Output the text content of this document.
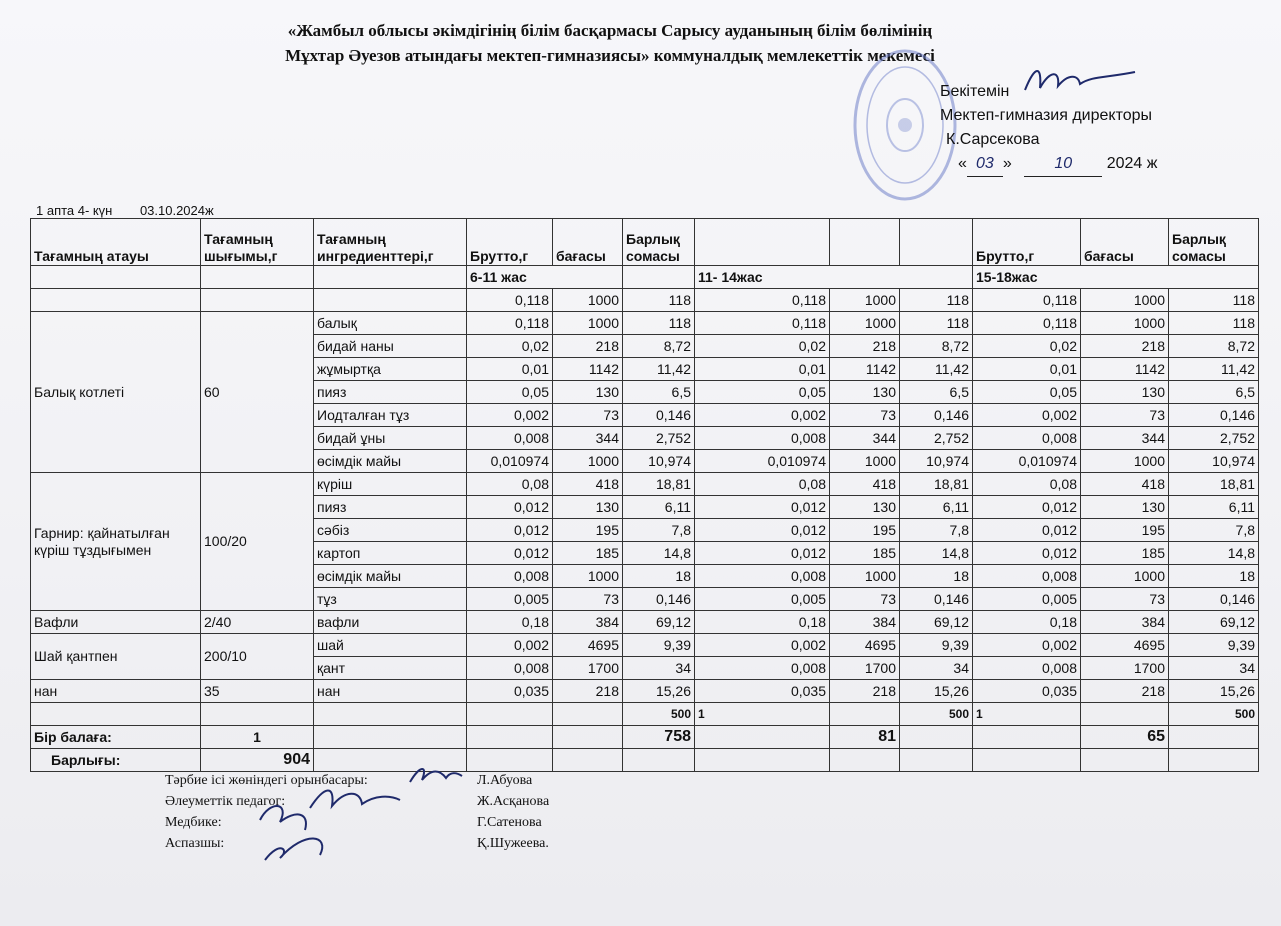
«Жамбыл облысы әкімдігінің білім басқармасы Сарысу ауданының білім бөлімінің
Мұхтар Әуезов атындағы мектеп-гимназиясы» коммуналдық мемлекеттік мекемесі
Бекітемін
Мектеп-гимназия директоры
К.Сарсекова
« 03 »	10 2024 ж
1 апта 4- күн 03.10.2024ж
Тағамның атауы	Тағамның шығымы,г	Тағамның ингредиенттері,г	Брутто,г	бағасы	Барлық сомасы				Брутто,г	бағасы	Барлық сомасы
			6-11 жас			11- 14жас			15-18жас		
			0,118	1000	118	0,118	1000	118	0,118	1000	118
Балық котлеті	60	балық	0,118	1000	118	0,118	1000	118	0,118	1000	118
		бидай наны	0,02	218	8,72	0,02	218	8,72	0,02	218	8,72
		жұмыртқа	0,01	1142	11,42	0,01	1142	11,42	0,01	1142	11,42
		пияз	0,05	130	6,5	0,05	130	6,5	0,05	130	6,5
		Иодталған тұз	0,002	73	0,146	0,002	73	0,146	0,002	73	0,146
		бидай ұны	0,008	344	2,752	0,008	344	2,752	0,008	344	2,752
		өсімдік майы	0,010974	1000	10,974	0,010974	1000	10,974	0,010974	1000	10,974
Гарнир: қайнатылған күріш тұздығымен	100/20	күріш	0,08	418	18,81	0,08	418	18,81	0,08	418	18,81
		пияз	0,012	130	6,11	0,012	130	6,11	0,012	130	6,11
		сәбіз	0,012	195	7,8	0,012	195	7,8	0,012	195	7,8
		картоп	0,012	185	14,8	0,012	185	14,8	0,012	185	14,8
		өсімдік майы	0,008	1000	18	0,008	1000	18	0,008	1000	18
		тұз	0,005	73	0,146	0,005	73	0,146	0,005	73	0,146
Вафли	2/40	вафли	0,18	384	69,12	0,18	384	69,12	0,18	384	69,12
Шай қантпен	200/10	шай	0,002	4695	9,39	0,002	4695	9,39	0,002	4695	9,39
		қант	0,008	1700	34	0,008	1700	34	0,008	1700	34
нан	35	нан	0,035	218	15,26	0,035	218	15,26	0,035	218	15,26
					500	1		500	1		500
Бір балаға:	1				758		81			65	
Барлығы:	904										
Тәрбие ісі жөніндегі орынбасары:	Л.Абуова
Әлеуметтік педагог:	Ж.Асқанова
Медбике:	Г.Сатенова
Аспазшы:	Қ.Шужеева.
